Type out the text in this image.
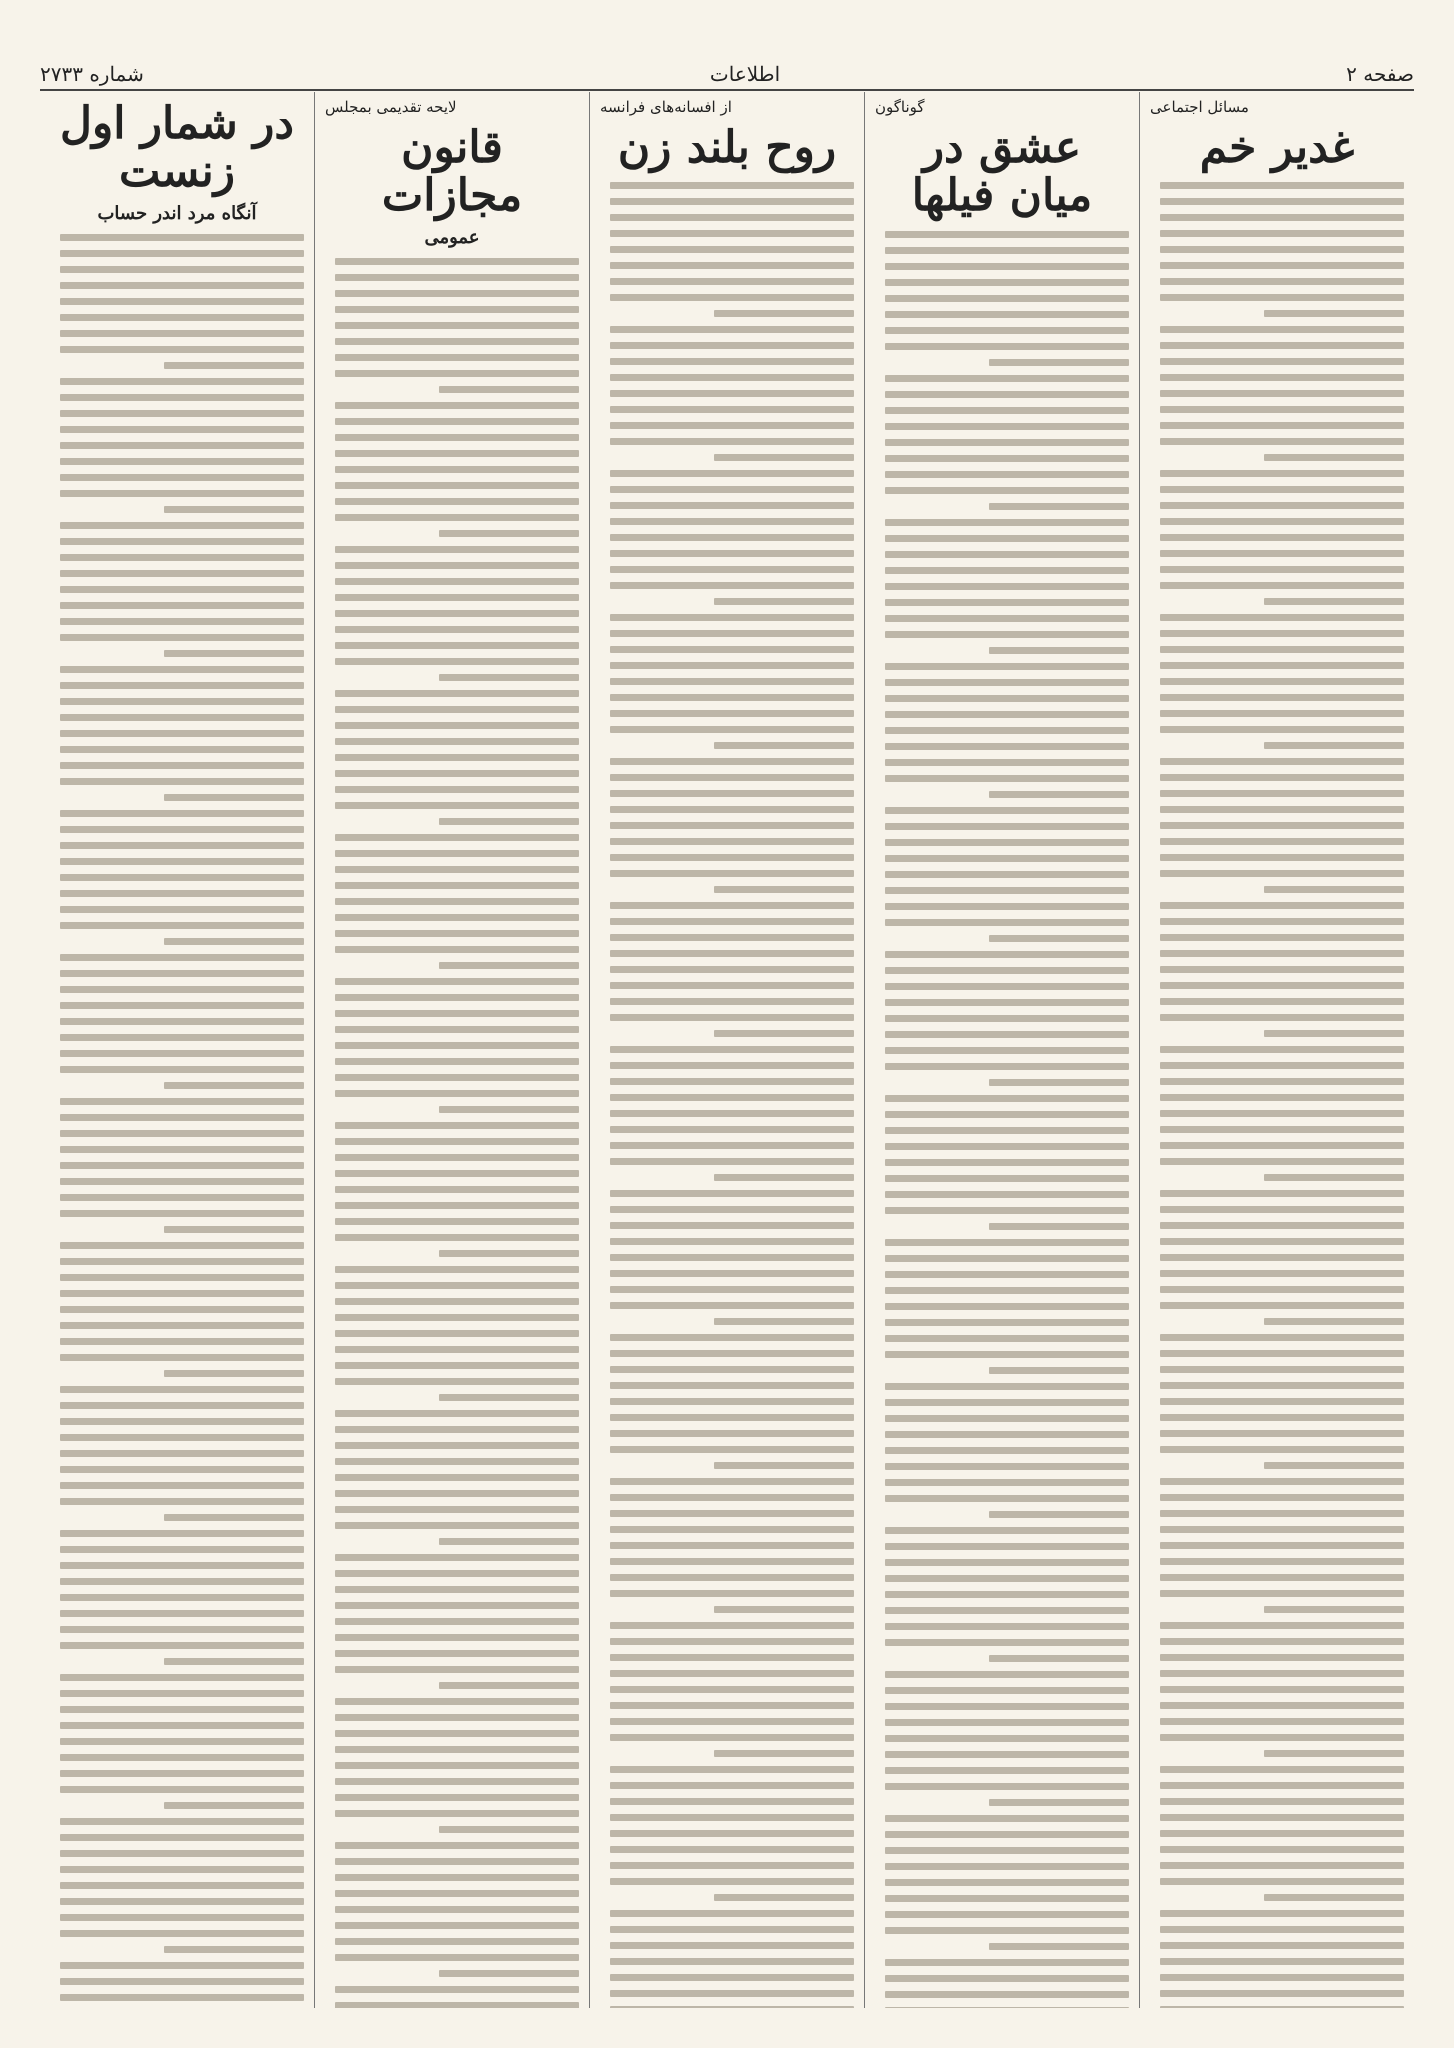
شماره ۲۷۳۳	اطلاعات	صفحه ۲
مسائل اجتماعی
غدیر خم
گوناگون
عشق در میان فیلها
از افسانه‌های فرانسه
روح بلند زن
لایحه تقدیمی بمجلس
قانون مجازات
عمومی
در شمار اول زنست
آنگاه مرد اندر حساب
